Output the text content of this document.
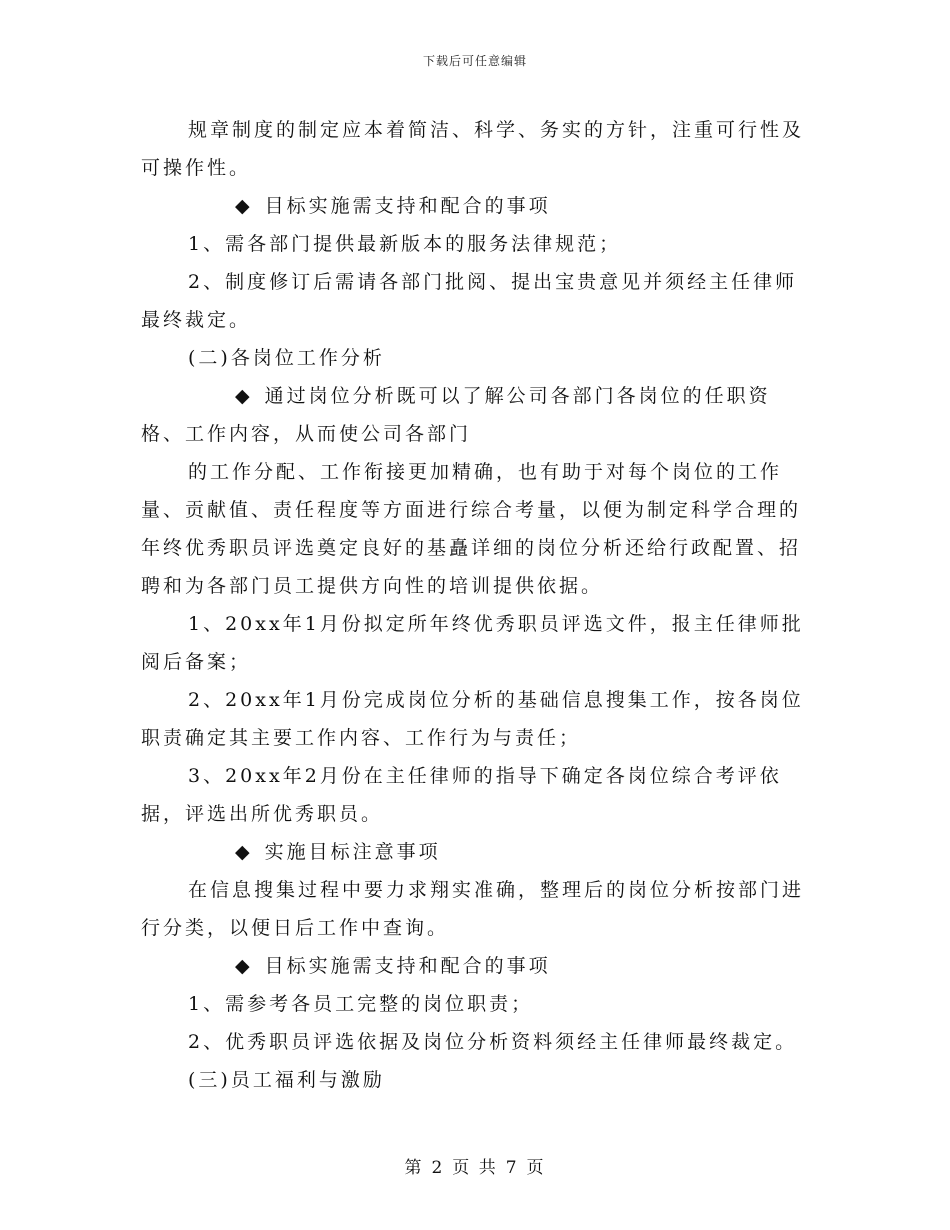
下载后可任意编辑

规章制度的制定应本着简洁、科学、务实的方针，注重可行性及可操作性。

◆ 目标实施需支持和配合的事项

1、需各部门提供最新版本的服务法律规范；

2、制度修订后需请各部门批阅、提出宝贵意见并须经主任律师最终裁定。

(二)各岗位工作分析

◆ 通过岗位分析既可以了解公司各部门各岗位的任职资格、工作内容，从而使公司各部门

的工作分配、工作衔接更加精确，也有助于对每个岗位的工作量、贡献值、责任程度等方面进行综合考量，以便为制定科学合理的年终优秀职员评选奠定良好的基矗详细的岗位分析还给行政配置、招聘和为各部门员工提供方向性的培训提供依据。

1、20xx年1月份拟定所年终优秀职员评选文件，报主任律师批阅后备案；

2、20xx年1月份完成岗位分析的基础信息搜集工作，按各岗位职责确定其主要工作内容、工作行为与责任；

3、20xx年2月份在主任律师的指导下确定各岗位综合考评依据，评选出所优秀职员。

◆ 实施目标注意事项

在信息搜集过程中要力求翔实准确，整理后的岗位分析按部门进行分类，以便日后工作中查询。

◆ 目标实施需支持和配合的事项

1、需参考各员工完整的岗位职责；

2、优秀职员评选依据及岗位分析资料须经主任律师最终裁定。

(三)员工福利与激励

第 2 页 共 7 页
